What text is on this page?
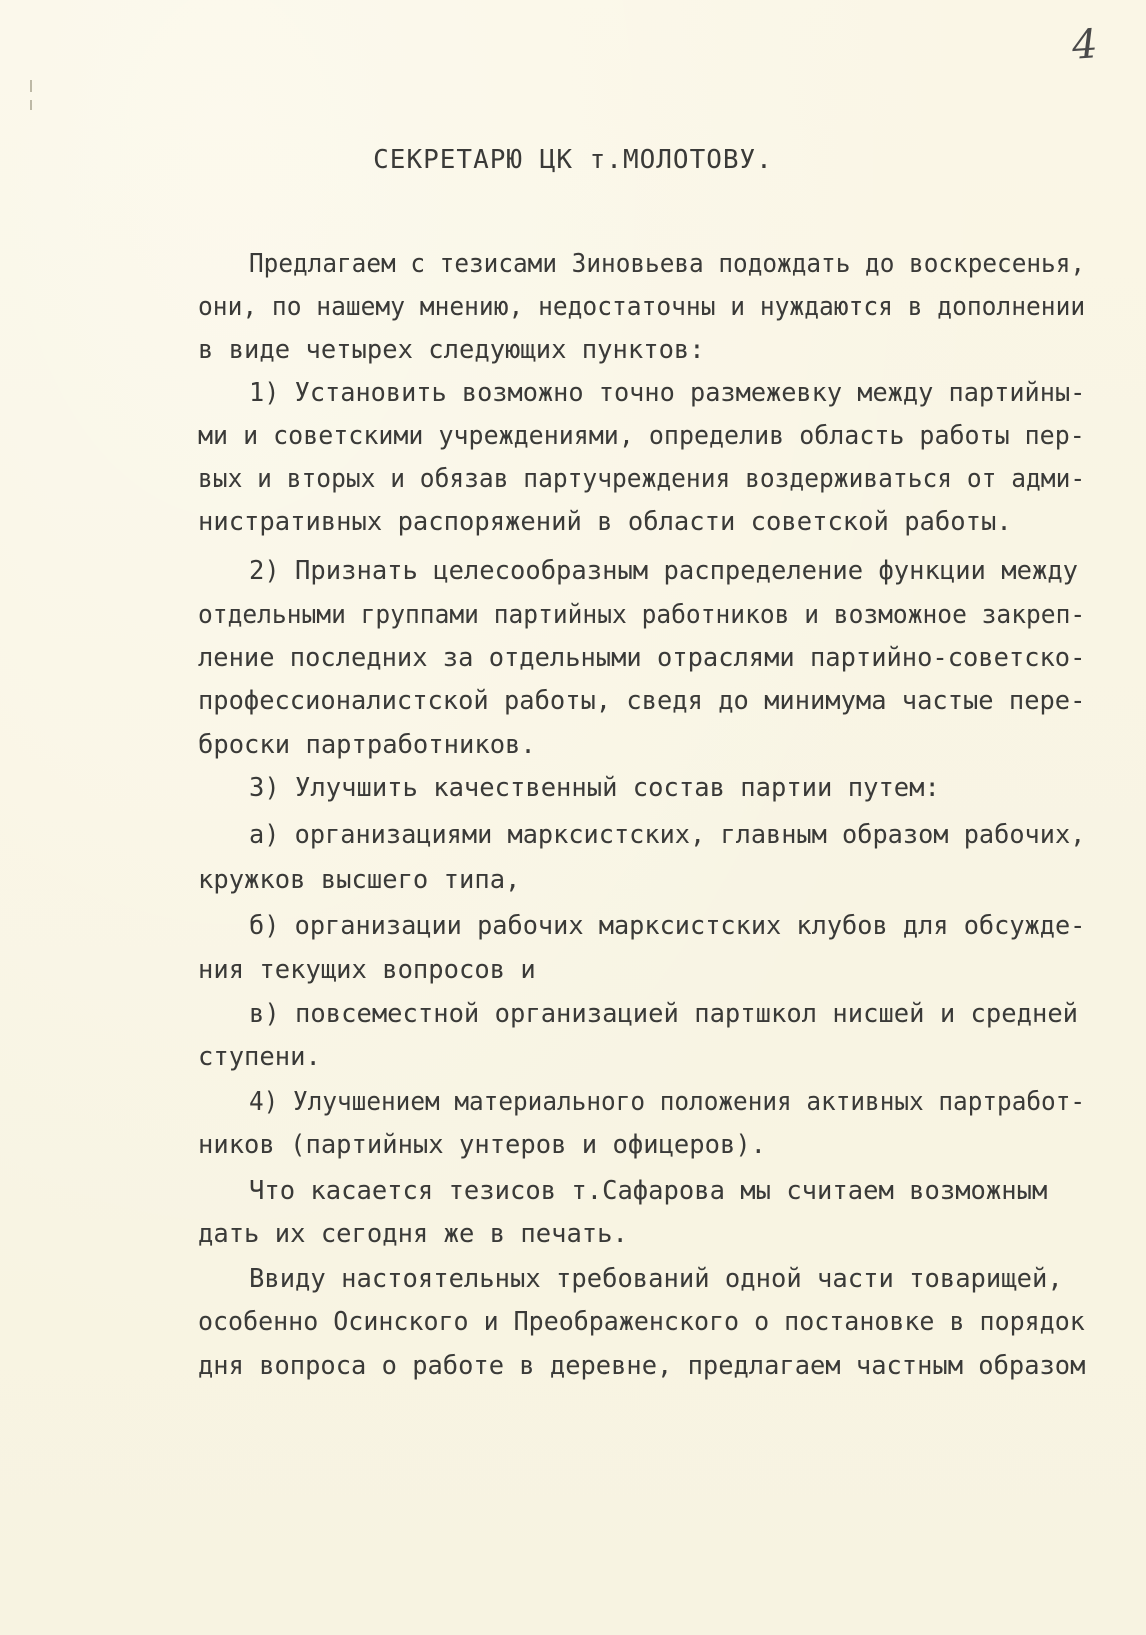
4
СЕКРЕТАРЮ ЦК т.МОЛОТОВУ.
Предлагаем с тезисами Зиновьева подождать до воскресенья,
они, по нашему мнению, недостаточны и нуждаются в дополнении
в виде четырех следующих пунктов:
1) Установить возможно точно размежевку между партийны-
ми и советскими учреждениями, определив область работы пер-
вых и вторых и обязав партучреждения воздерживаться от адми-
нистративных распоряжений в области советской работы.
2) Признать целесообразным распределение функции между
отдельными группами партийных работников и возможное закреп-
ление последних за отдельными отраслями партийно-советско-
профессионалистской работы, сведя до минимума частые пере-
броски партработников.
3) Улучшить качественный состав партии путем:
а) организациями марксистских, главным образом рабочих,
кружков высшего типа,
б) организации рабочих марксистских клубов для обсужде-
ния текущих вопросов и
в) повсеместной организацией партшкол нисшей и средней
ступени.
4) Улучшением материального положения активных партработ-
ников (партийных унтеров и офицеров).
Что касается тезисов т.Сафарова мы считаем возможным
дать их сегодня же в печать.
Ввиду настоятельных требований одной части товарищей,
особенно Осинского и Преображенского о постановке в порядок
дня вопроса о работе в деревне, предлагаем частным образом
